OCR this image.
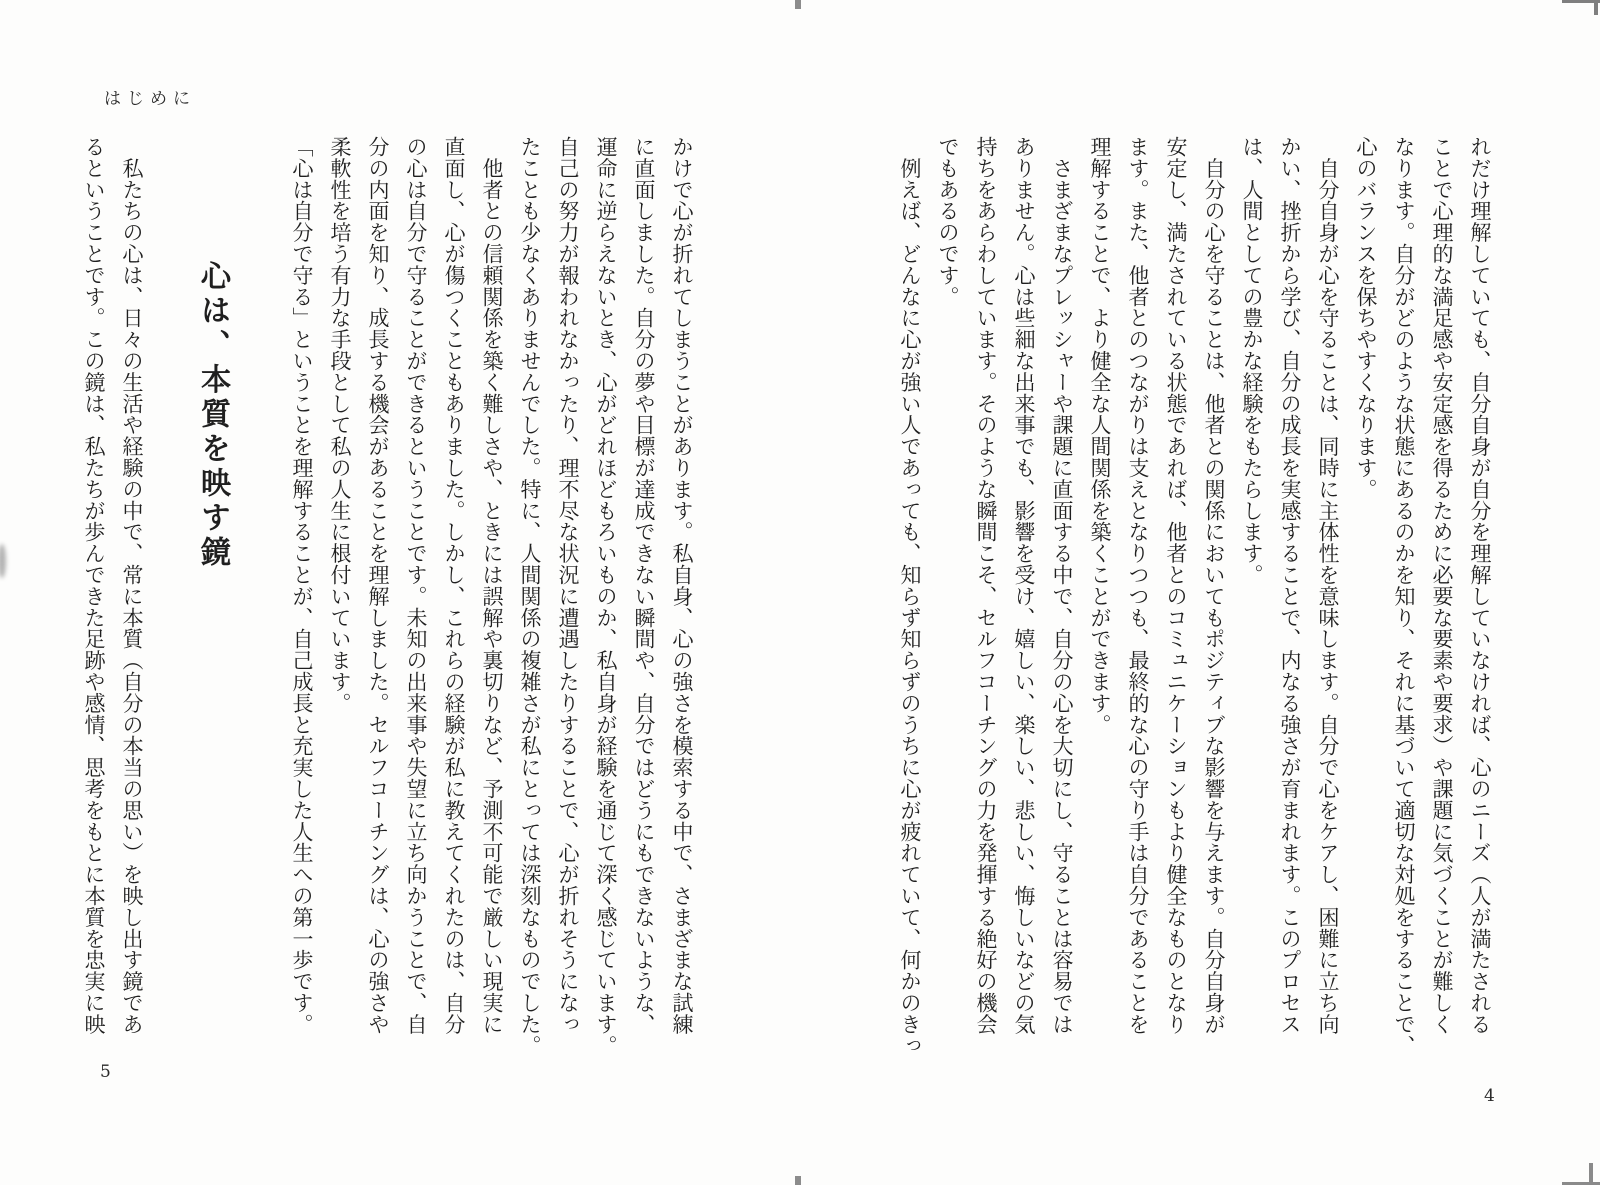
はじめに
れだけ理解していても、自分自身が自分を理解していなければ、心のニーズ（人が満たされる
ことで心理的な満足感や安定感を得るために必要な要素や要求）や課題に気づくことが難しく
なります。自分がどのような状態にあるのかを知り、それに基づいて適切な対処をすることで、
心のバランスを保ちやすくなります。
　自分自身が心を守ることは、同時に主体性を意味します。自分で心をケアし、困難に立ち向
かい、挫折から学び、自分の成長を実感することで、内なる強さが育まれます。このプロセス
は、人間としての豊かな経験をもたらします。
　自分の心を守ることは、他者との関係においてもポジティブな影響を与えます。自分自身が
安定し、満たされている状態であれば、他者とのコミュニケーションもより健全なものとなり
ます。また、他者とのつながりは支えとなりつつも、最終的な心の守り手は自分であることを
理解することで、より健全な人間関係を築くことができます。
　さまざまなプレッシャーや課題に直面する中で、自分の心を大切にし、守ることは容易では
ありません。心は些細な出来事でも、影響を受け、嬉しい、楽しい、悲しい、悔しいなどの気
持ちをあらわしています。そのような瞬間こそ、セルフコーチングの力を発揮する絶好の機会
でもあるのです。
　例えば、どんなに心が強い人であっても、知らず知らずのうちに心が疲れていて、何かのきっ
かけで心が折れてしまうことがあります。私自身、心の強さを模索する中で、さまざまな試練
に直面しました。自分の夢や目標が達成できない瞬間や、自分ではどうにもできないような、
運命に逆らえないとき、心がどれほどもろいものか、私自身が経験を通じて深く感じています。
自己の努力が報われなかったり、理不尽な状況に遭遇したりすることで、心が折れそうになっ
たことも少なくありませんでした。特に、人間関係の複雑さが私にとっては深刻なものでした。
　他者との信頼関係を築く難しさや、ときには誤解や裏切りなど、予測不可能で厳しい現実に
直面し、心が傷つくこともありました。しかし、これらの経験が私に教えてくれたのは、自分
の心は自分で守ることができるということです。未知の出来事や失望に立ち向かうことで、自
分の内面を知り、成長する機会があることを理解しました。セルフコーチングは、心の強さや
柔軟性を培う有力な手段として私の人生に根付いています。
「心は自分で守る」ということを理解することが、自己成長と充実した人生への第一歩です。
心は、本質を映す鏡
　私たちの心は、日々の生活や経験の中で、常に本質（自分の本当の思い）を映し出す鏡であ
るということです。この鏡は、私たちが歩んできた足跡や感情、思考をもとに本質を忠実に映
4
5
